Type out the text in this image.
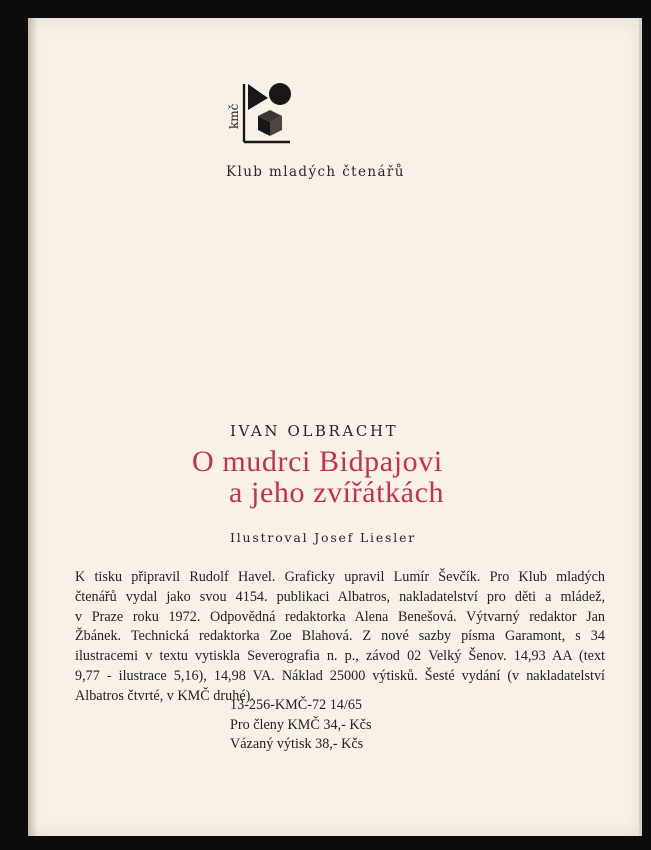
kmč
Klub mladých čtenářů
IVAN OLBRACHT
O mudrci Bidpajovi
a jeho zvířátkách
Ilustroval Josef Liesler
K tisku připravil Rudolf Havel. Graficky upravil Lumír Ševčík. Pro Klub mladých
čtenářů vydal jako svou 4154. publikaci Albatros, nakladatelství pro děti a mládež,
v Praze roku 1972. Odpovědná redaktorka Alena Benešová. Výtvarný redaktor Jan
Žbánek. Technická redaktorka Zoe Blahová. Z nové sazby písma Garamont, s 34
ilustracemi v textu vytiskla Severografia n. p., závod 02 Velký Šenov. 14,93 AA (text
9,77 - ilustrace 5,16), 14,98 VA. Náklad 25000 výtisků. Šesté vydání (v nakladatelství
Albatros čtvrté, v KMČ druhé).
13-256-KMČ-72 14/65
Pro členy KMČ 34,- Kčs
Vázaný výtisk 38,- Kčs
